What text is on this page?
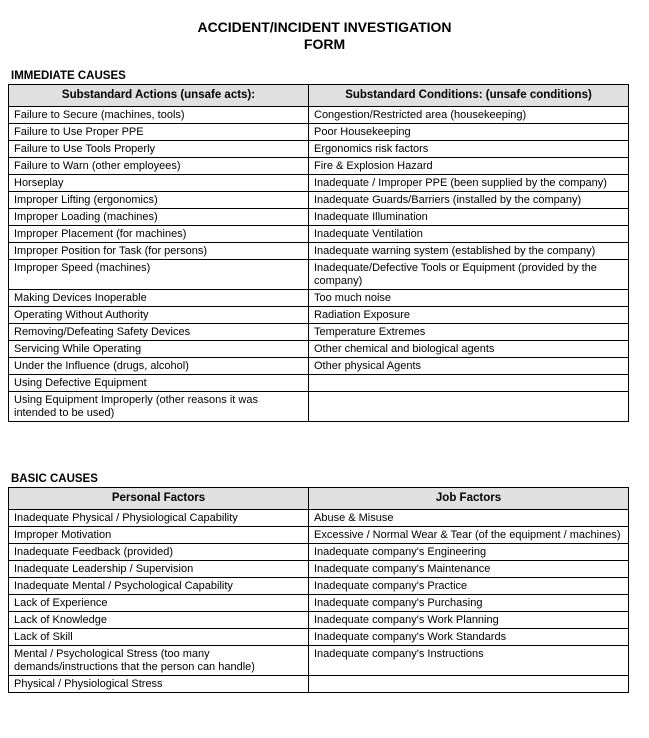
ACCIDENT/INCIDENT INVESTIGATION
FORM
IMMEDIATE CAUSES
Substandard Actions (unsafe acts):	Substandard Conditions: (unsafe conditions)
Failure to Secure (machines, tools)	Congestion/Restricted area (housekeeping)
Failure to Use Proper PPE	Poor Housekeeping
Failure to Use Tools Properly	Ergonomics risk factors
Failure to Warn (other employees)	Fire & Explosion Hazard
Horseplay	Inadequate / Improper PPE (been supplied by the company)
Improper Lifting (ergonomics)	Inadequate Guards/Barriers (installed by the company)
Improper Loading (machines)	Inadequate Illumination
Improper Placement (for machines)	Inadequate Ventilation
Improper Position for Task (for persons)	Inadequate warning system (established by the company)
Improper Speed (machines)	Inadequate/Defective Tools or Equipment (provided by the company)
Making Devices Inoperable	Too much noise
Operating Without Authority	Radiation Exposure
Removing/Defeating Safety Devices	Temperature Extremes
Servicing While Operating	Other chemical and biological agents
Under the Influence (drugs, alcohol)	Other physical Agents
Using Defective Equipment	
Using Equipment Improperly (other reasons it was intended to be used)	
BASIC CAUSES
Personal Factors	Job Factors
Inadequate Physical / Physiological Capability	Abuse & Misuse
Improper Motivation	Excessive / Normal Wear & Tear (of the equipment / machines)
Inadequate Feedback (provided)	Inadequate company's Engineering
Inadequate Leadership / Supervision	Inadequate company's Maintenance
Inadequate Mental / Psychological Capability	Inadequate company's Practice
Lack of Experience	Inadequate company's Purchasing
Lack of Knowledge	Inadequate company's Work Planning
Lack of Skill	Inadequate company's Work Standards
Mental / Psychological Stress (too many demands/instructions that the person can handle)	Inadequate company's Instructions
Physical / Physiological Stress	
